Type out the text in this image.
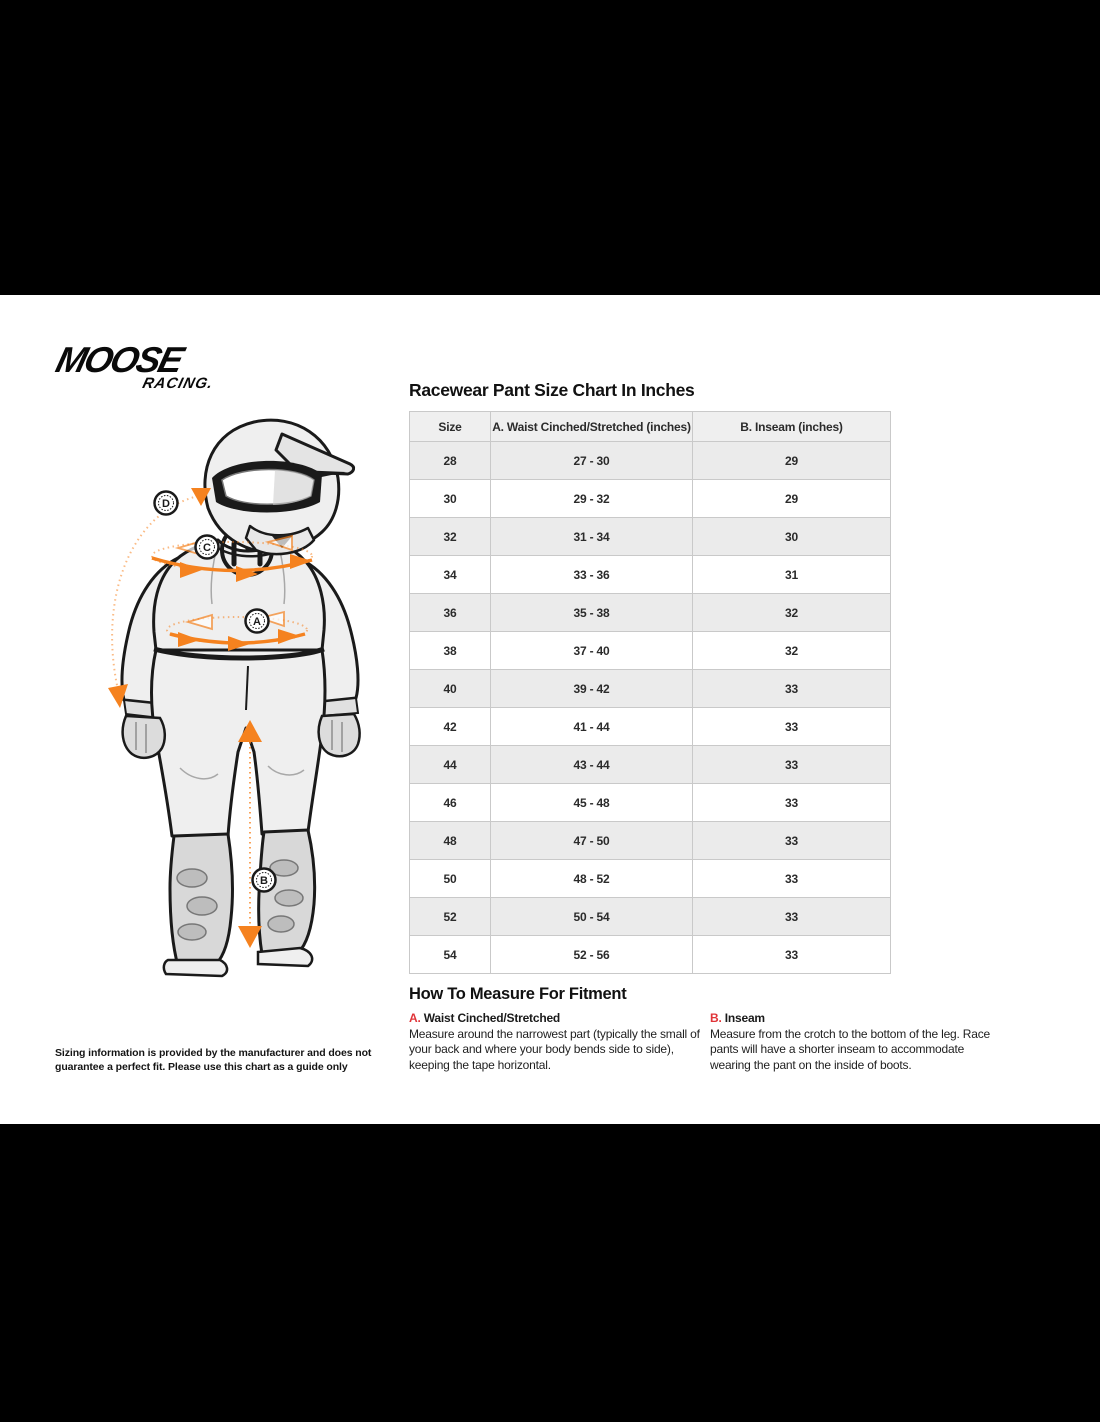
MOOSE
RACING.
D
C
A
B
Racewear Pant Size Chart In Inches
Size	A. Waist Cinched/Stretched (inches)	B. Inseam (inches)
28	27 - 30	29
30	29 - 32	29
32	31 - 34	30
34	33 - 36	31
36	35 - 38	32
38	37 - 40	32
40	39 - 42	33
42	41 - 44	33
44	43 - 44	33
46	45 - 48	33
48	47 - 50	33
50	48 - 52	33
52	50 - 54	33
54	52 - 56	33
How To Measure For Fitment
A. Waist Cinched/Stretched
Measure around the narrowest part (typically the small of your back and where your body bends side to side), keeping the tape horizontal.
B. Inseam
Measure from the crotch to the bottom of the leg. Race pants will have a shorter inseam to accommodate wearing the pant on the inside of boots.
Sizing information is provided by the manufacturer and does not guarantee a perfect fit. Please use this chart as a guide only
